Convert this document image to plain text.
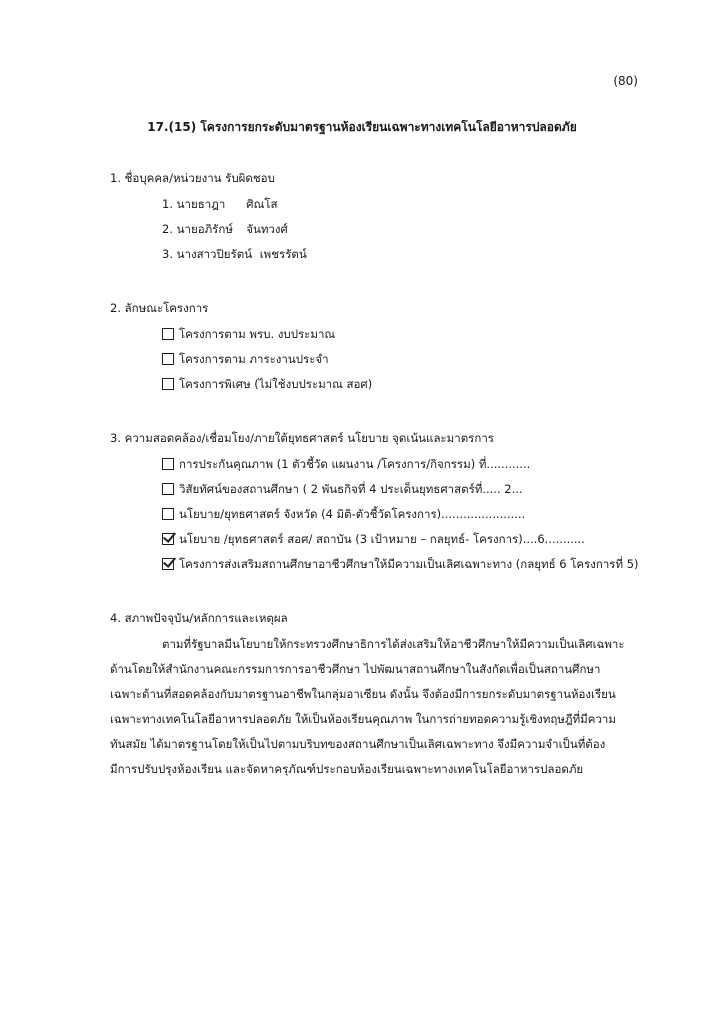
(80)
17.(15) โครงการยกระดับมาตรฐานห้องเรียนเฉพาะทางเทคโนโลยีอาหารปลอดภัย
1. ชื่อบุคคล/หน่วยงาน รับผิดชอบ
1. นายธาฎา ศิณโส
2. นายอภิรักษ์ จันทวงศ์
3. นางสาวปิยรัตน์ เพชรรัตน์
2. ลักษณะโครงการ
โครงการตาม พรบ. งบประมาณ
โครงการตาม ภาระงานประจำ
โครงการพิเศษ (ไม่ใช้งบประมาณ สอศ)
3. ความสอดคล้อง/เชื่อมโยง/ภายใต้ยุทธศาสตร์ นโยบาย จุดเน้นและมาตรการ
การประกันคุณภาพ (1 ตัวชี้วัด แผนงาน /โครงการ/กิจกรรม) ที่............
วิสัยทัศน์ของสถานศึกษา ( 2 พันธกิจที่ 4 ประเด็นยุทธศาสตร์ที่..... 2...
นโยบาย/ยุทธศาสตร์ จังหวัด (4 มิติ-ตัวชี้วัดโครงการ).......................
นโยบาย /ยุทธศาสตร์ สอศ/ สถาบัน (3 เป้าหมาย – กลยุทธ์- โครงการ)....6...........
โครงการส่งเสริมสถานศึกษาอาชีวศึกษาให้มีความเป็นเลิศเฉพาะทาง (กลยุทธ์ 6 โครงการที่ 5)
4. สภาพปัจจุบัน/หลักการและเหตุผล
ตามที่รัฐบาลมีนโยบายให้กระทรวงศึกษาธิการได้ส่งเสริมให้อาชีวศึกษาให้มีความเป็นเลิศเฉพาะ
ด้านโดยให้สำนักงานคณะกรรมการการอาชีวศึกษา ไปพัฒนาสถานศึกษาในสังกัดเพื่อเป็นสถานศึกษา
เฉพาะด้านที่สอดคล้องกับมาตรฐานอาชีพในกลุ่มอาเซียน ดังนั้น จึงต้องมีการยกระดับมาตรฐานห้องเรียน
เฉพาะทางเทคโนโลยีอาหารปลอดภัย ให้เป็นห้องเรียนคุณภาพ ในการถ่ายทอดความรู้เชิงทฤษฎีที่มีความ
ทันสมัย ได้มาตรฐานโดยให้เป็นไปตามบริบทของสถานศึกษาเป็นเลิศเฉพาะทาง จึงมีความจำเป็นที่ต้อง
มีการปรับปรุงห้องเรียน และจัดหาครุภัณฑ์ประกอบห้องเรียนเฉพาะทางเทคโนโลยีอาหารปลอดภัย
